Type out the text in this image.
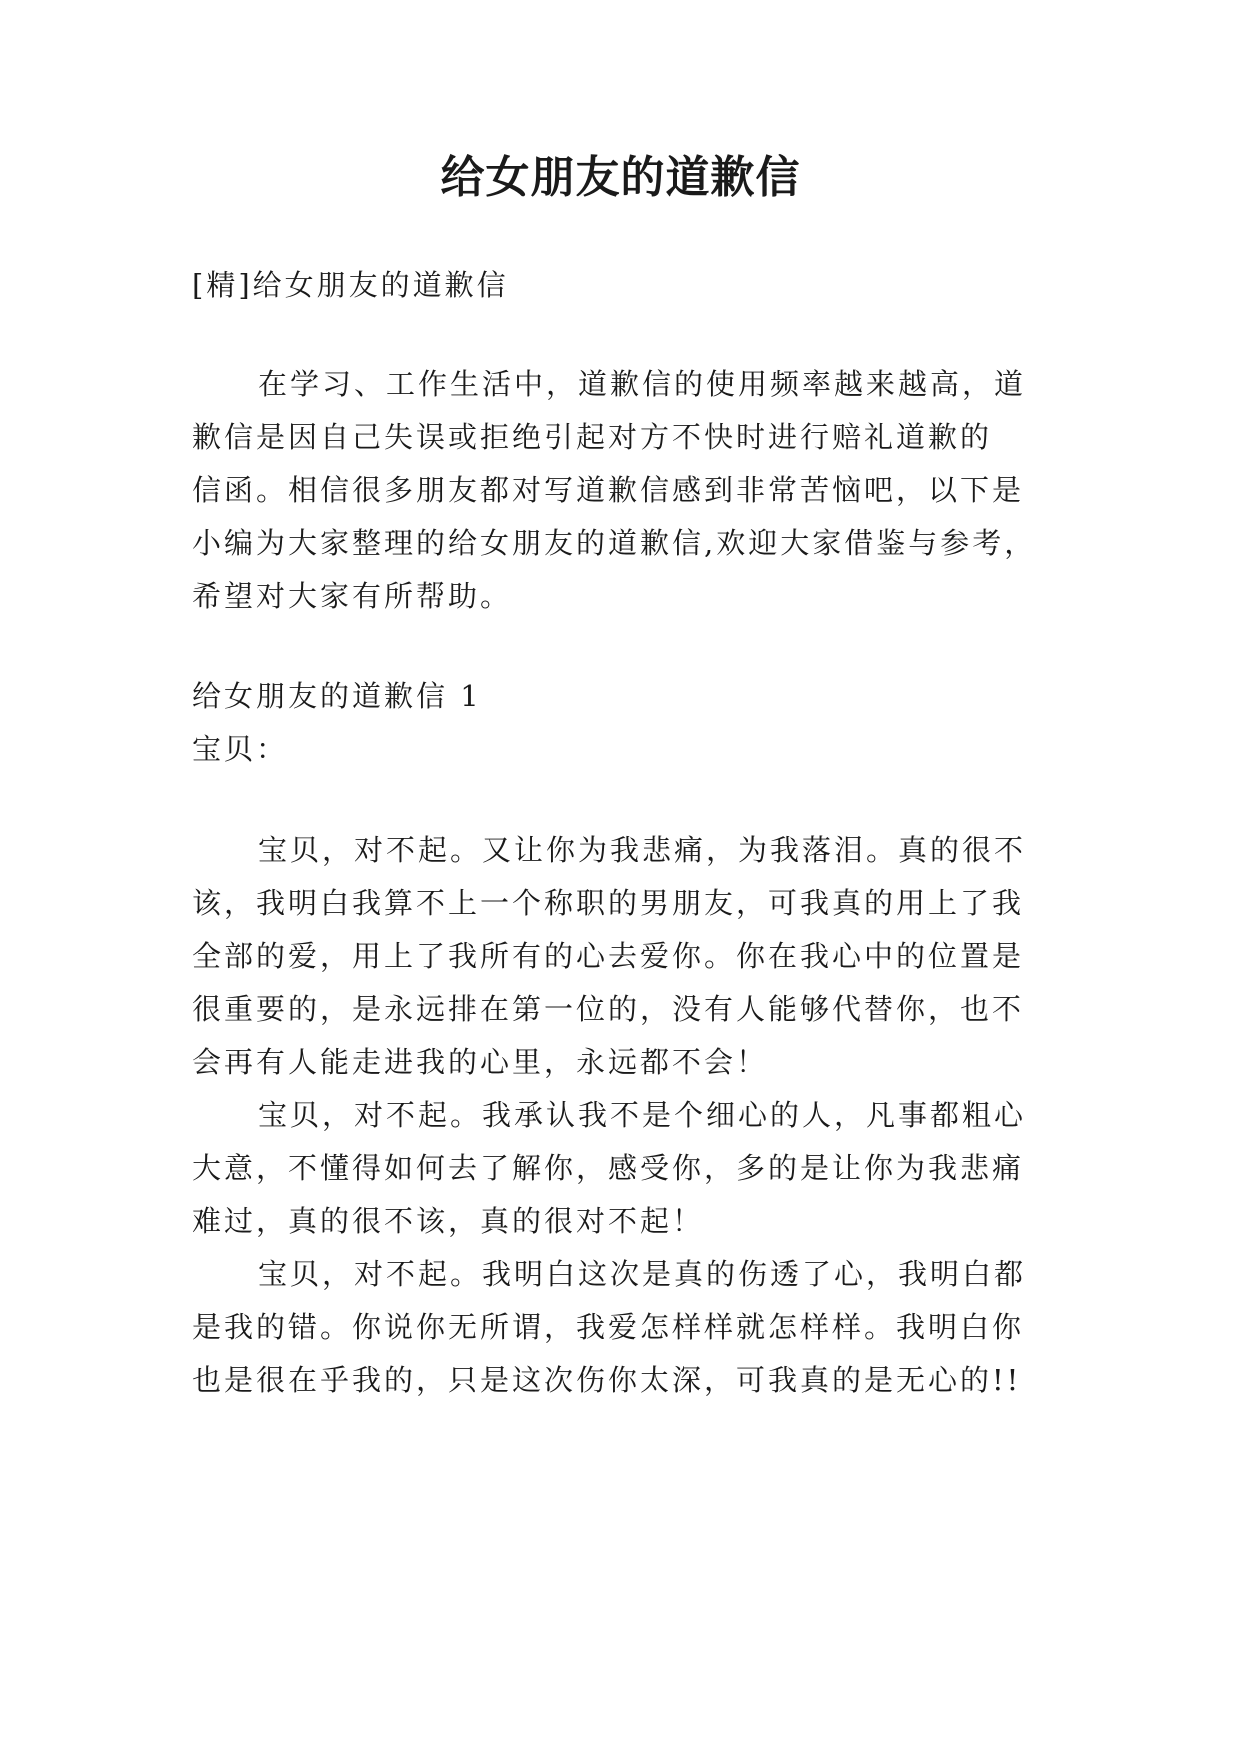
给女朋友的道歉信

[精]给女朋友的道歉信

在学习、工作生活中，道歉信的使用频率越来越高，道

歉信是因自己失误或拒绝引起对方不快时进行赔礼道歉的

信函。相信很多朋友都对写道歉信感到非常苦恼吧，以下是

小编为大家整理的给女朋友的道歉信,欢迎大家借鉴与参考，

希望对大家有所帮助。

给女朋友的道歉信 1

宝贝：

宝贝，对不起。又让你为我悲痛，为我落泪。真的很不

该，我明白我算不上一个称职的男朋友，可我真的用上了我

全部的爱，用上了我所有的心去爱你。你在我心中的位置是

很重要的，是永远排在第一位的，没有人能够代替你，也不

会再有人能走进我的心里，永远都不会！

宝贝，对不起。我承认我不是个细心的人，凡事都粗心

大意，不懂得如何去了解你，感受你，多的是让你为我悲痛

难过，真的很不该，真的很对不起！

宝贝，对不起。我明白这次是真的伤透了心，我明白都

是我的错。你说你无所谓，我爱怎样样就怎样样。我明白你

也是很在乎我的，只是这次伤你太深，可我真的是无心的!!
